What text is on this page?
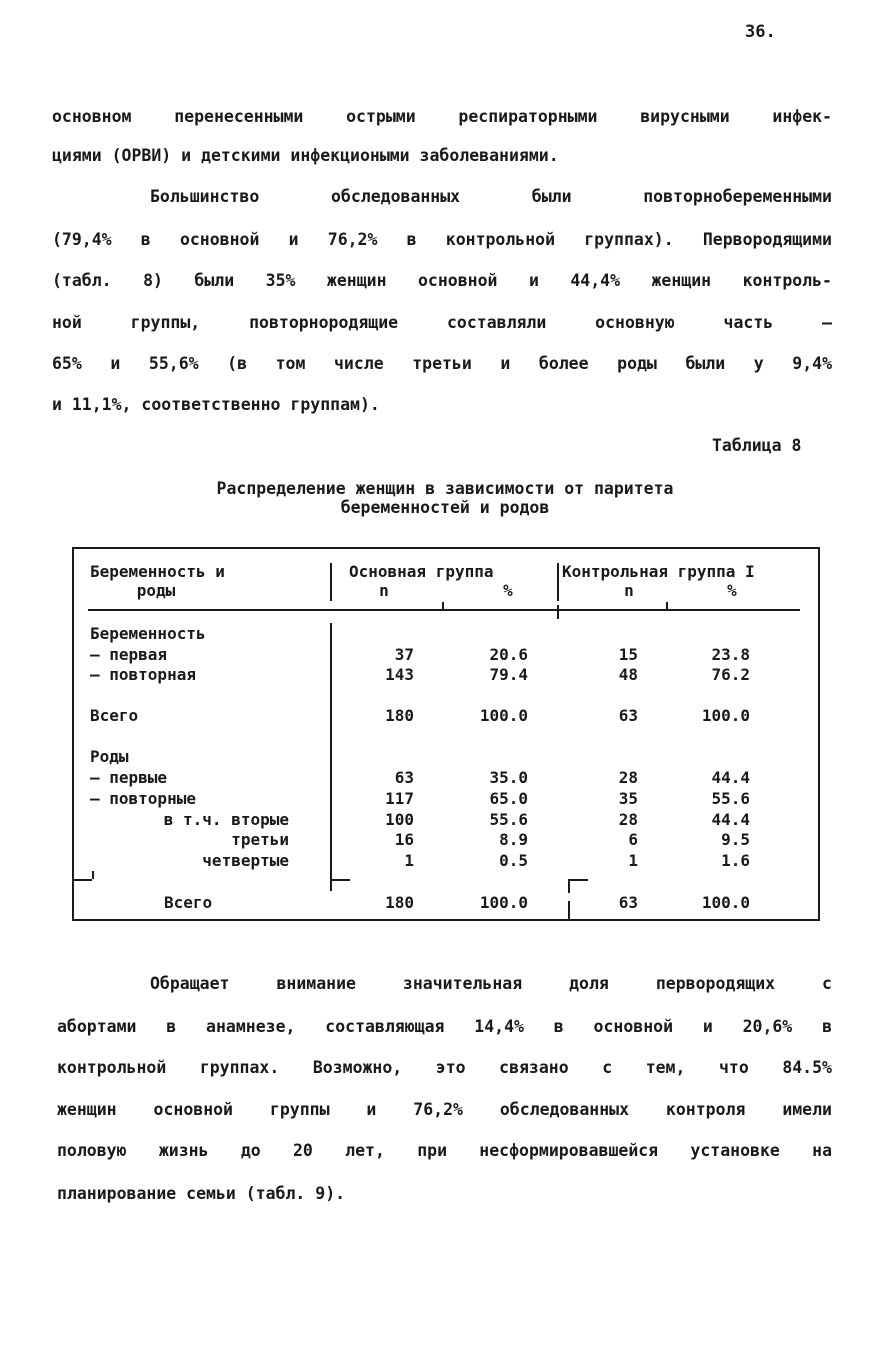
36.
основном перенесенными острыми респираторными вирусными инфек-
циями (ОРВИ) и детскими инфекциоными заболеваниями.
Большинство обследованных были повторнобеременными
(79,4% в основной и 76,2% в контрольной группах). Первородящими
(табл. 8) были 35% женщин основной и 44,4% женщин контроль-
ной группы, повторнородящие составляли основную часть –
65% и 55,6% (в том числе третьи и более роды были у 9,4%
и 11,1%, соответственно группам).
Таблица 8
Распределение женщин в зависимости от паритета
беременностей и родов
Беременность и
роды
Основная группа	Контрольная группа I
n	%	n	%
Беременность
– первая	37	20.6	15	23.8
– повторная	143	79.4	48	76.2
Всего	180	100.0	63	100.0
Роды
– первые	63	35.0	28	44.4
– повторные	117	65.0	35	55.6
в т.ч. вторые	100	55.6	28	44.4
третьи	16	8.9	6	9.5
четвертые	1	0.5	1	1.6
Всего	180	100.0	63	100.0
Обращает внимание значительная доля первородящих с
абортами в анамнезе, составляющая 14,4% в основной и 20,6% в
контрольной группах. Возможно, это связано с тем, что 84.5%
женщин основной группы и 76,2% обследованных контроля имели
половую жизнь до 20 лет, при несформировавшейся установке на
планирование семьи (табл. 9).
